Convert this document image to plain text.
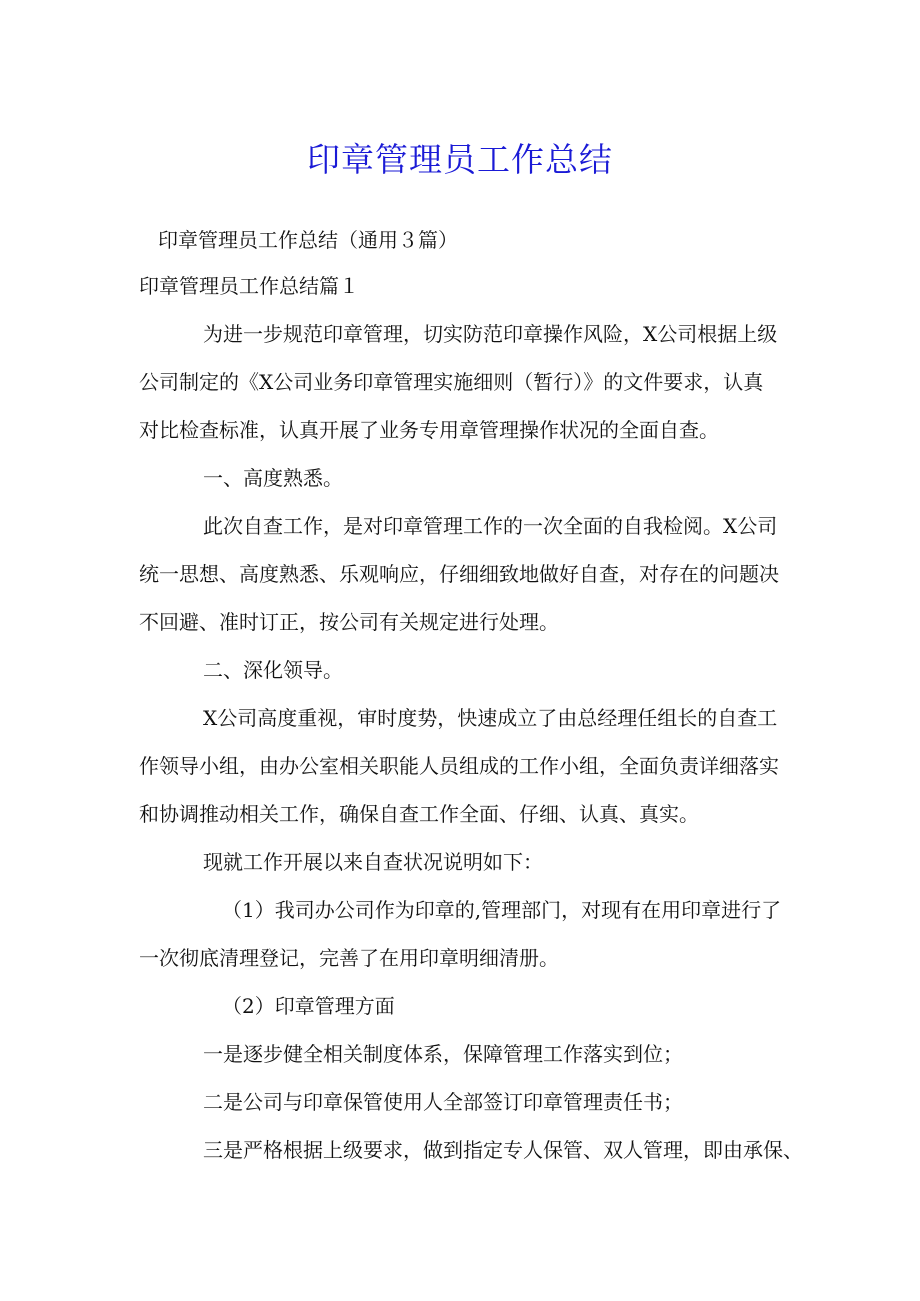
印章管理员工作总结
印章管理员工作总结（通用３篇）
印章管理员工作总结篇１
为进一步规范印章管理，切实防范印章操作风险，X公司根据上级
公司制定的《X公司业务印章管理实施细则（暂行）》的文件要求，认真
对比检查标准，认真开展了业务专用章管理操作状况的全面自查。
一、高度熟悉。
此次自查工作，是对印章管理工作的一次全面的自我检阅。X公司
统一思想、高度熟悉、乐观响应，仔细细致地做好自查，对存在的问题决
不回避、准时订正，按公司有关规定进行处理。
二、深化领导。
X公司高度重视，审时度势，快速成立了由总经理任组长的自查工
作领导小组，由办公室相关职能人员组成的工作小组，全面负责详细落实
和协调推动相关工作，确保自查工作全面、仔细、认真、真实。
现就工作开展以来自查状况说明如下：
（1）我司办公司作为印章的,管理部门，对现有在用印章进行了
一次彻底清理登记，完善了在用印章明细清册。
（2）印章管理方面
一是逐步健全相关制度体系，保障管理工作落实到位；
二是公司与印章保管使用人全部签订印章管理责任书；
三是严格根据上级要求，做到指定专人保管、双人管理，即由承保、
